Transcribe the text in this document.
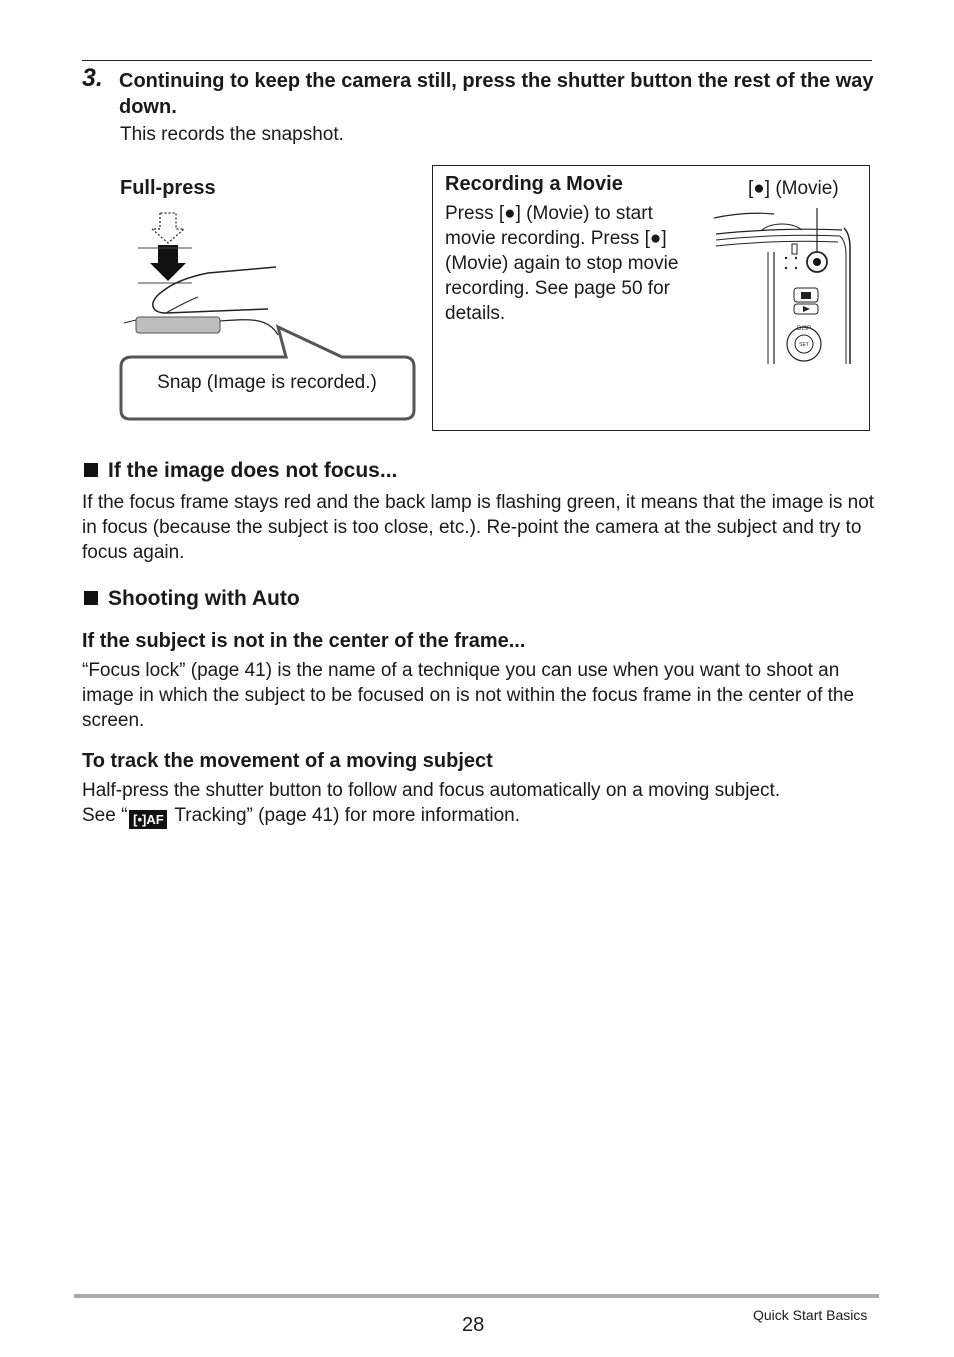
3. Continuing to keep the camera still, press the shutter button the rest of the way down.
This records the snapshot.
Full-press
Snap (Image is recorded.)
Recording a Movie
Press [●] (Movie) to start movie recording. Press [●] (Movie) again to stop movie recording. See page 50 for details.
[●] (Movie)
DISP
SET
If the image does not focus...
If the focus frame stays red and the back lamp is flashing green, it means that the image is not in focus (because the subject is too close, etc.). Re-point the camera at the subject and try to focus again.
Shooting with Auto
If the subject is not in the center of the frame...
“Focus lock” (page 41) is the name of a technique you can use when you want to shoot an image in which the subject to be focused on is not within the focus frame in the center of the screen.
To track the movement of a moving subject
Half-press the shutter button to follow and focus automatically on a moving subject.
See “ [•]AF Tracking” (page 41) for more information.
28	Quick Start Basics
